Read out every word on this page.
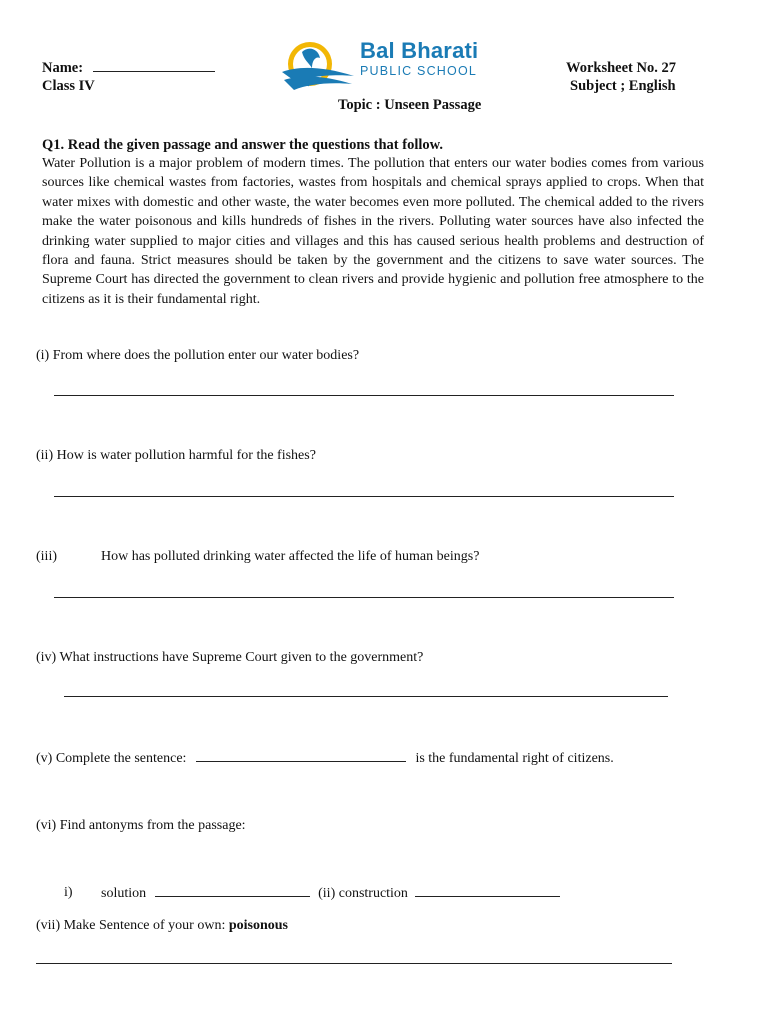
Name:
Class IV
Worksheet No. 27
Subject ; English
Topic : Unseen Passage
Bal Bharati
PUBLIC SCHOOL
Q1. Read the given passage and answer the questions that follow.
Water Pollution is a major problem of modern times. The pollution that enters our water bodies comes from various sources like chemical wastes from factories, wastes from hospitals and chemical sprays applied to crops. When that water mixes with domestic and other waste, the water becomes even more polluted. The chemical added to the rivers make the water poisonous and kills hundreds of fishes in the rivers. Polluting water sources have also infected the drinking water supplied to major cities and villages and this has caused serious health problems and destruction of flora and fauna. Strict measures should be taken by the government and the citizens to save water sources. The Supreme Court has directed the government to clean rivers and provide hygienic and pollution free atmosphere to the citizens as it is their fundamental right.
(i) From where does the pollution enter our water bodies?
(ii) How is water pollution harmful for the fishes?
(iii)	How has polluted drinking water affected the life of human beings?
(iv) What instructions have Supreme Court given to the government?
(v) Complete the sentence:	is the fundamental right of citizens.
(vi) Find antonyms from the passage:
i) solution	(ii) construction
(vii) Make Sentence of your own: poisonous
